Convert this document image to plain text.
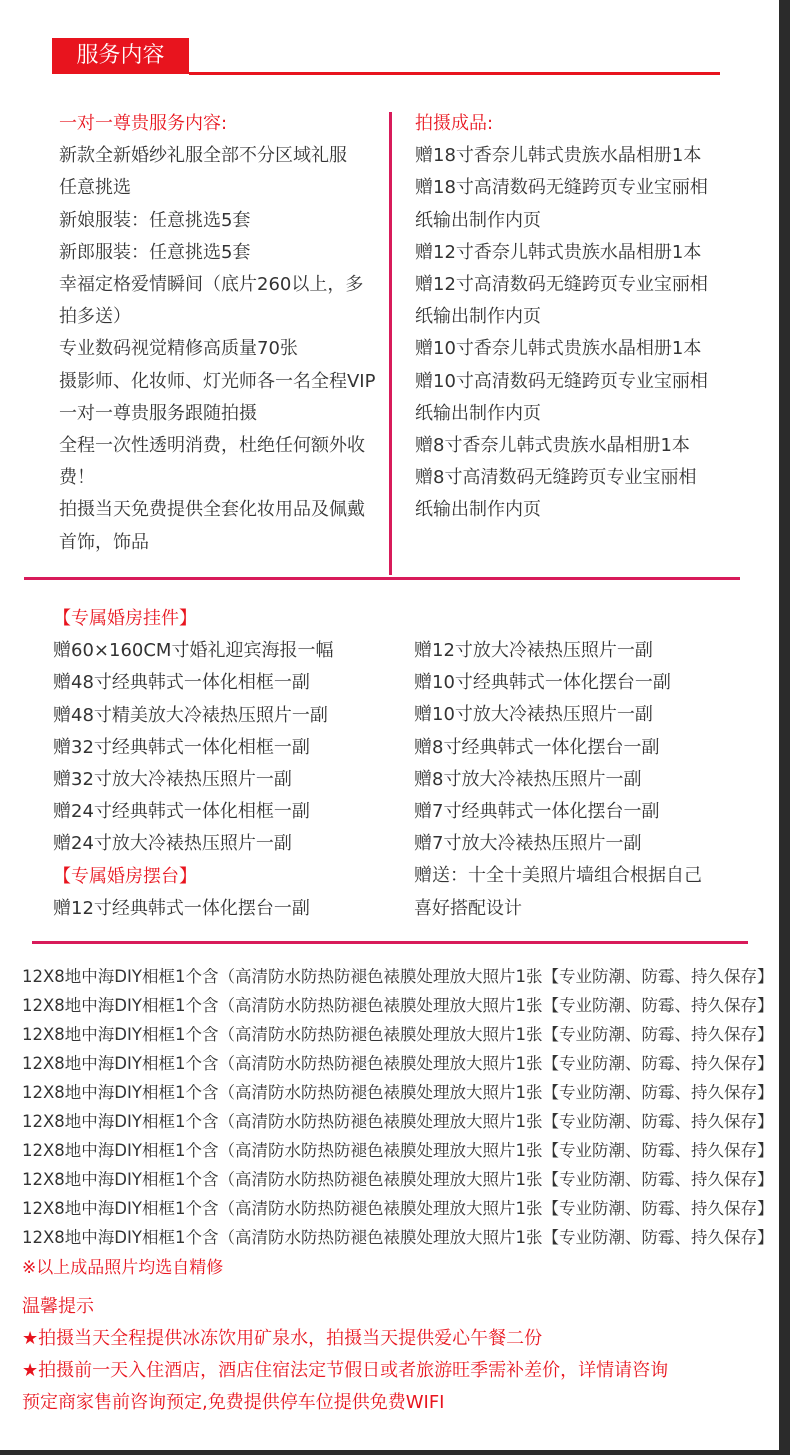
服务内容
一对一尊贵服务内容:
新款全新婚纱礼服全部不分区域礼服
任意挑选
新娘服装：任意挑选5套
新郎服装：任意挑选5套
幸福定格爱情瞬间（底片260以上，多
拍多送）
专业数码视觉精修高质量70张
摄影师、化妆师、灯光师各一名全程VIP
一对一尊贵服务跟随拍摄
全程一次性透明消费，杜绝任何额外收
费！
拍摄当天免费提供全套化妆用品及佩戴
首饰，饰品
拍摄成品:
赠18寸香奈儿韩式贵族水晶相册1本
赠18寸高清数码无缝跨页专业宝丽相
纸输出制作内页
赠12寸香奈儿韩式贵族水晶相册1本
赠12寸高清数码无缝跨页专业宝丽相
纸输出制作内页
赠10寸香奈儿韩式贵族水晶相册1本
赠10寸高清数码无缝跨页专业宝丽相
纸输出制作内页
赠8寸香奈儿韩式贵族水晶相册1本
赠8寸高清数码无缝跨页专业宝丽相
纸输出制作内页
【专属婚房挂件】
赠60×160CM寸婚礼迎宾海报一幅
赠48寸经典韩式一体化相框一副
赠48寸精美放大冷裱热压照片一副
赠32寸经典韩式一体化相框一副
赠32寸放大冷裱热压照片一副
赠24寸经典韩式一体化相框一副
赠24寸放大冷裱热压照片一副
【专属婚房摆台】
赠12寸经典韩式一体化摆台一副
赠12寸放大冷裱热压照片一副
赠10寸经典韩式一体化摆台一副
赠10寸放大冷裱热压照片一副
赠8寸经典韩式一体化摆台一副
赠8寸放大冷裱热压照片一副
赠7寸经典韩式一体化摆台一副
赠7寸放大冷裱热压照片一副
赠送：十全十美照片墙组合根据自己
喜好搭配设计
12X8地中海DIY相框1个含（高清防水防热防褪色裱膜处理放大照片1张【专业防潮、防霉、持久保存】
12X8地中海DIY相框1个含（高清防水防热防褪色裱膜处理放大照片1张【专业防潮、防霉、持久保存】
12X8地中海DIY相框1个含（高清防水防热防褪色裱膜处理放大照片1张【专业防潮、防霉、持久保存】
12X8地中海DIY相框1个含（高清防水防热防褪色裱膜处理放大照片1张【专业防潮、防霉、持久保存】
12X8地中海DIY相框1个含（高清防水防热防褪色裱膜处理放大照片1张【专业防潮、防霉、持久保存】
12X8地中海DIY相框1个含（高清防水防热防褪色裱膜处理放大照片1张【专业防潮、防霉、持久保存】
12X8地中海DIY相框1个含（高清防水防热防褪色裱膜处理放大照片1张【专业防潮、防霉、持久保存】
12X8地中海DIY相框1个含（高清防水防热防褪色裱膜处理放大照片1张【专业防潮、防霉、持久保存】
12X8地中海DIY相框1个含（高清防水防热防褪色裱膜处理放大照片1张【专业防潮、防霉、持久保存】
12X8地中海DIY相框1个含（高清防水防热防褪色裱膜处理放大照片1张【专业防潮、防霉、持久保存】
※以上成品照片均选自精修
温馨提示
★拍摄当天全程提供冰冻饮用矿泉水，拍摄当天提供爱心午餐二份
★拍摄前一天入住酒店，酒店住宿法定节假日或者旅游旺季需补差价，详情请咨询
预定商家售前咨询预定,免费提供停车位提供免费WIFI
